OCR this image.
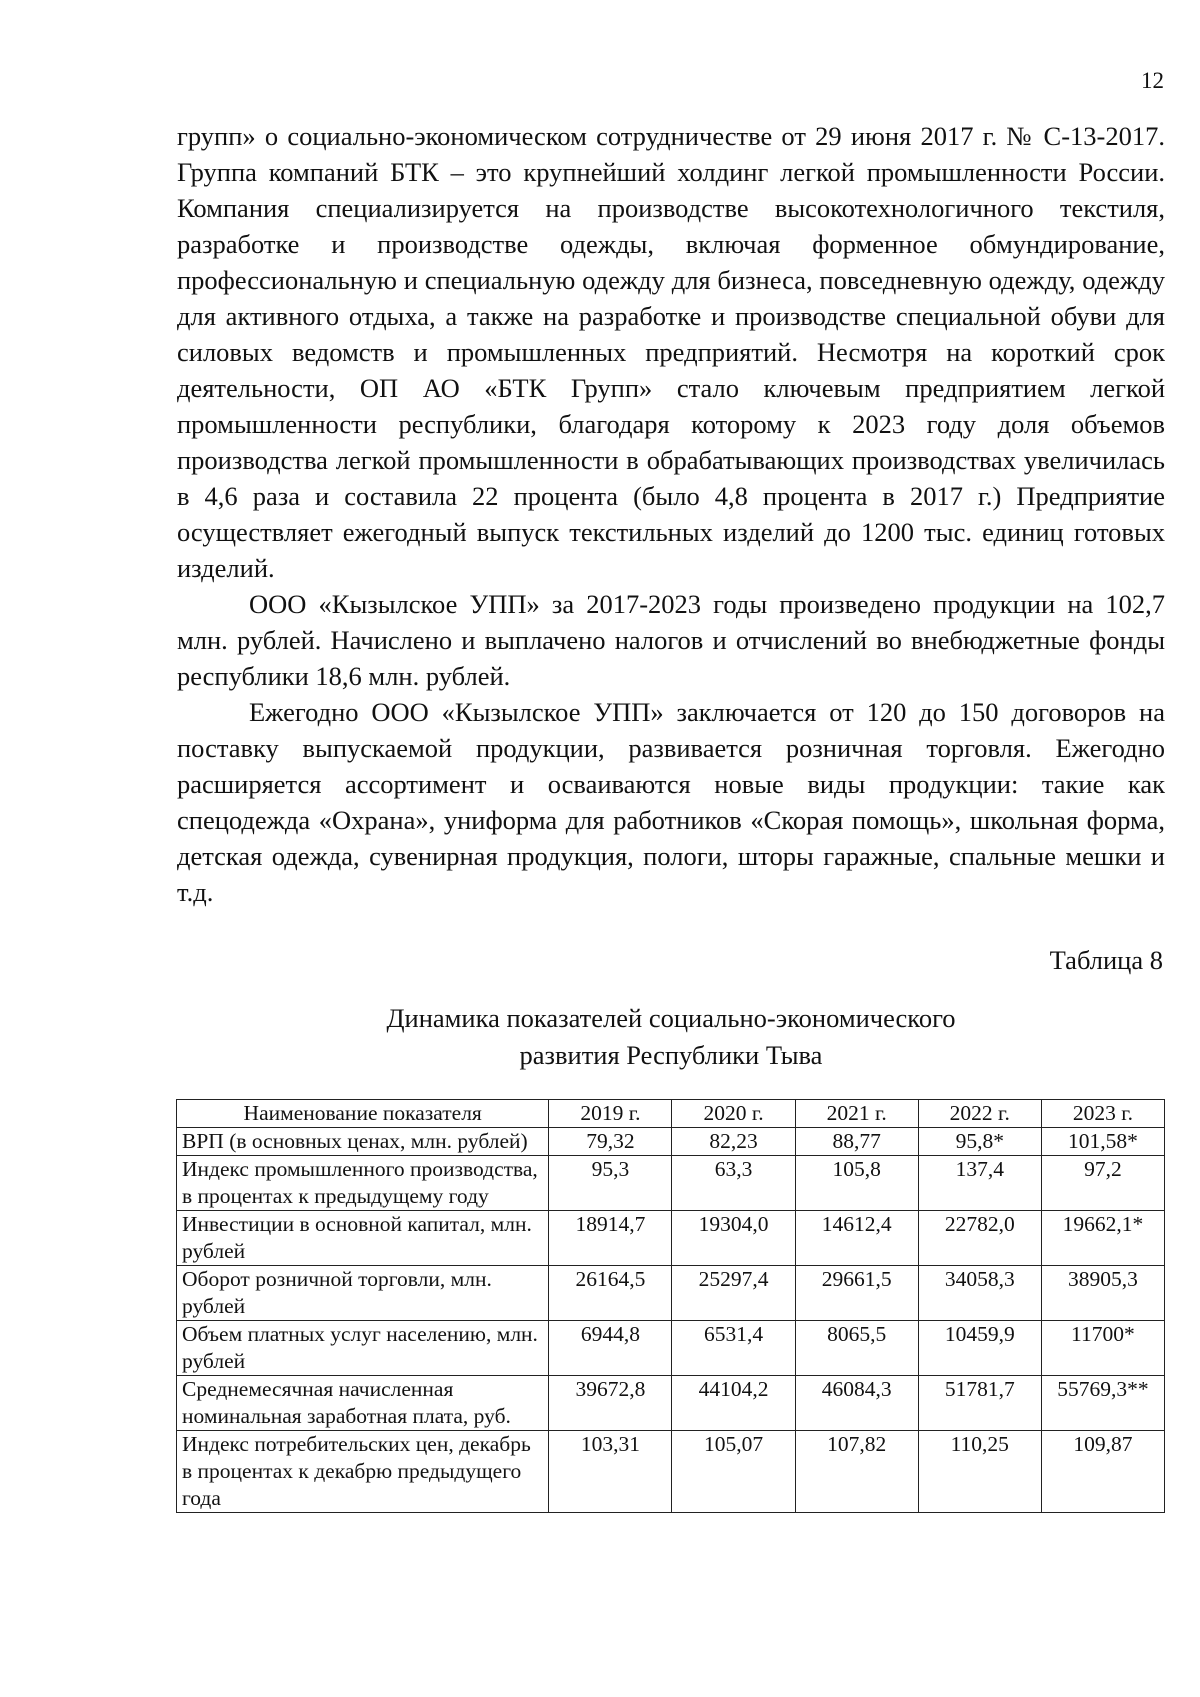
12

групп» о социально-экономическом сотрудничестве от 29 июня 2017 г. № С-13-2017. Группа компаний БТК – это крупнейший холдинг легкой промышленности России. Компания специализируется на производстве высокотехнологичного текстиля, разработке и производстве одежды, включая форменное обмундирование, профессиональную и специальную одежду для бизнеса, повседневную одежду, одежду для активного отдыха, а также на разработке и производстве специальной обуви для силовых ведомств и промышленных предприятий. Несмотря на короткий срок деятельности, ОП АО «БТК Групп» стало ключевым предприятием легкой промышленности республики, благодаря которому к 2023 году доля объемов производства легкой промышленности в обрабатывающих производствах увеличилась в 4,6 раза и составила 22 процента (было 4,8 процента в 2017 г.) Предприятие осуществляет ежегодный выпуск текстильных изделий до 1200 тыс. единиц готовых изделий.

ООО «Кызылское УПП» за 2017-2023 годы произведено продукции на 102,7 млн. рублей. Начислено и выплачено налогов и отчислений во внебюджетные фонды республики 18,6 млн. рублей.

Ежегодно ООО «Кызылское УПП» заключается от 120 до 150 договоров на поставку выпускаемой продукции, развивается розничная торговля. Ежегодно расширяется ассортимент и осваиваются новые виды продукции: такие как спецодежда «Охрана», униформа для работников «Скорая помощь», школьная форма, детская одежда, сувенирная продукция, пологи, шторы гаражные, спальные мешки и т.д.

Таблица 8
Динамика показателей социально-экономического
развития Республики Тыва
Наименование показателя	2019 г.	2020 г.	2021 г.	2022 г.	2023 г.
ВРП (в основных ценах, млн. рублей)	79,32	82,23	88,77	95,8*	101,58*
Индекс промышленного производства, в процентах к предыдущему году	95,3	63,3	105,8	137,4	97,2
Инвестиции в основной капитал, млн. рублей	18914,7	19304,0	14612,4	22782,0	19662,1*
Оборот розничной торговли, млн. рублей	26164,5	25297,4	29661,5	34058,3	38905,3
Объем платных услуг населению, млн. рублей	6944,8	6531,4	8065,5	10459,9	11700*
Среднемесячная начисленная номинальная заработная плата, руб.	39672,8	44104,2	46084,3	51781,7	55769,3**
Индекс потребительских цен, декабрь в процентах к декабрю предыдущего года	103,31	105,07	107,82	110,25	109,87
